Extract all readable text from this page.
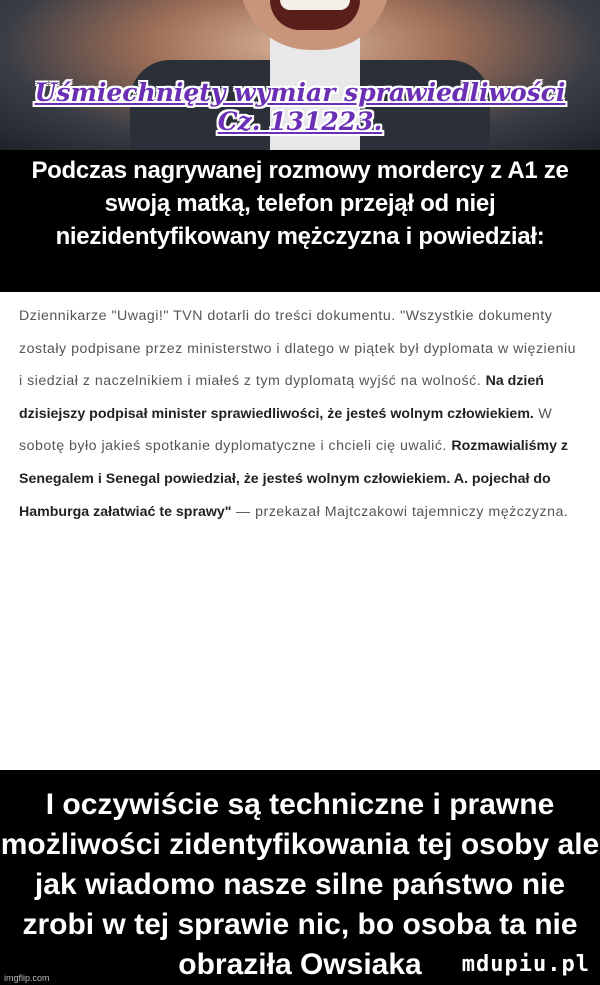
Uśmiechnięty wymiar sprawiedliwości
Cz. 131223.
Podczas nagrywanej rozmowy mordercy z A1 ze swoją matką, telefon przejął od niej niezidentyfikowany mężczyzna i powiedział:
Dziennikarze "Uwagi!" TVN dotarli do treści dokumentu. "Wszystkie dokumenty zostały podpisane przez ministerstwo i dlatego w piątek był dyplomata w więzieniu i siedział z naczelnikiem i miałeś z tym dyplomatą wyjść na wolność. Na dzień dzisiejszy podpisał minister sprawiedliwości, że jesteś wolnym człowiekiem. W sobotę było jakieś spotkanie dyplomatyczne i chcieli cię uwalić. Rozmawialiśmy z Senegalem i Senegal powiedział, że jesteś wolnym człowiekiem. A. pojechał do Hamburga załatwiać te sprawy" — przekazał Majtczakowi tajemniczy mężczyzna.
I oczywiście są techniczne i prawne możliwości zidentyfikowania tej osoby ale jak wiadomo nasze silne państwo nie zrobi w tej sprawie nic, bo osoba ta nie obraziła Owsiaka
imgflip.com
mdupiu.pl
